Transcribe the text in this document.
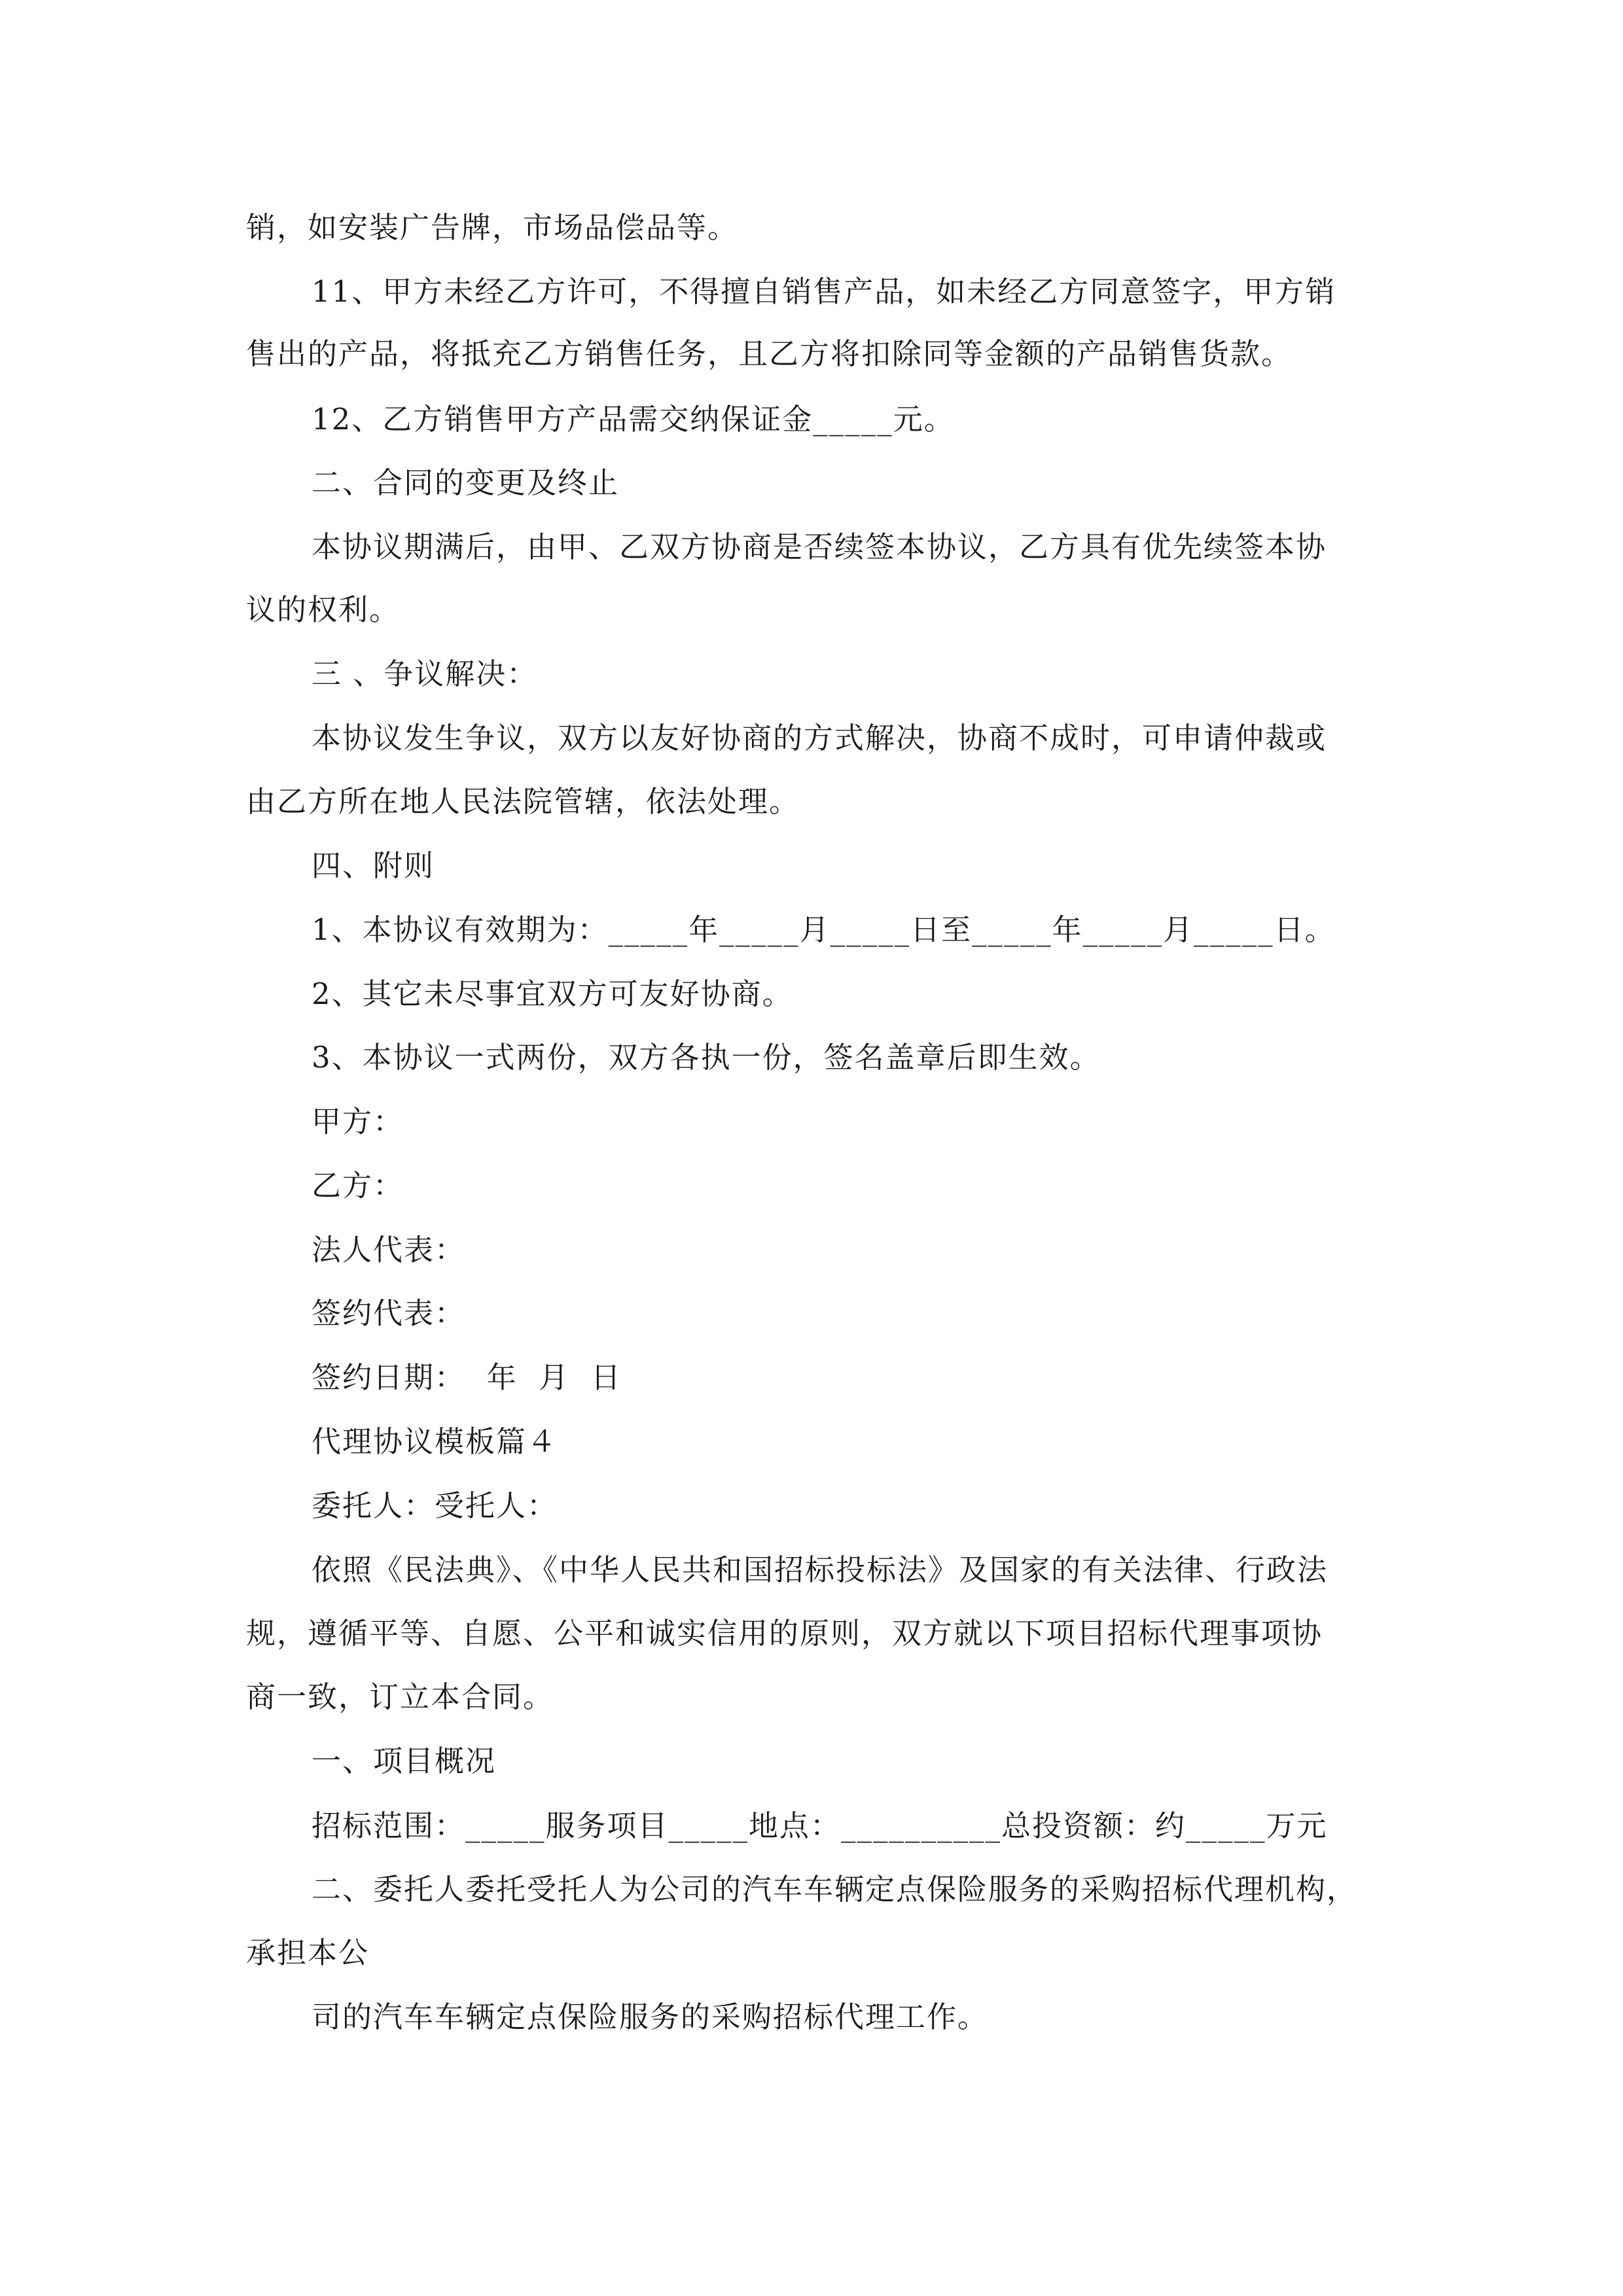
销，如安装广告牌，市场品偿品等。
11、甲方未经乙方许可，不得擅自销售产品，如未经乙方同意签字，甲方销
售出的产品，将抵充乙方销售任务，且乙方将扣除同等金额的产品销售货款。
12、乙方销售甲方产品需交纳保证金_____元。
二、合同的变更及终止
本协议期满后，由甲、乙双方协商是否续签本协议，乙方具有优先续签本协
议的权利。
三 、争议解决：
本协议发生争议，双方以友好协商的方式解决，协商不成时，可申请仲裁或
由乙方所在地人民法院管辖，依法处理。
四、附则
1、本协议有效期为：_____年_____月_____日至_____年_____月_____日。
2、其它未尽事宜双方可友好协商。
3、本协议一式两份，双方各执一份，签名盖章后即生效。
甲方：
乙方：
法人代表：
签约代表：
签约日期：  年  月  日
代理协议模板篇４
委托人：受托人：
依照《民法典》、《中华人民共和国招标投标法》及国家的有关法律、行政法
规，遵循平等、自愿、公平和诚实信用的原则，双方就以下项目招标代理事项协
商一致，订立本合同。
一、项目概况
招标范围：_____服务项目_____地点：__________总投资额：约_____万元
二、委托人委托受托人为公司的汽车车辆定点保险服务的采购招标代理机构，
承担本公
司的汽车车辆定点保险服务的采购招标代理工作。
